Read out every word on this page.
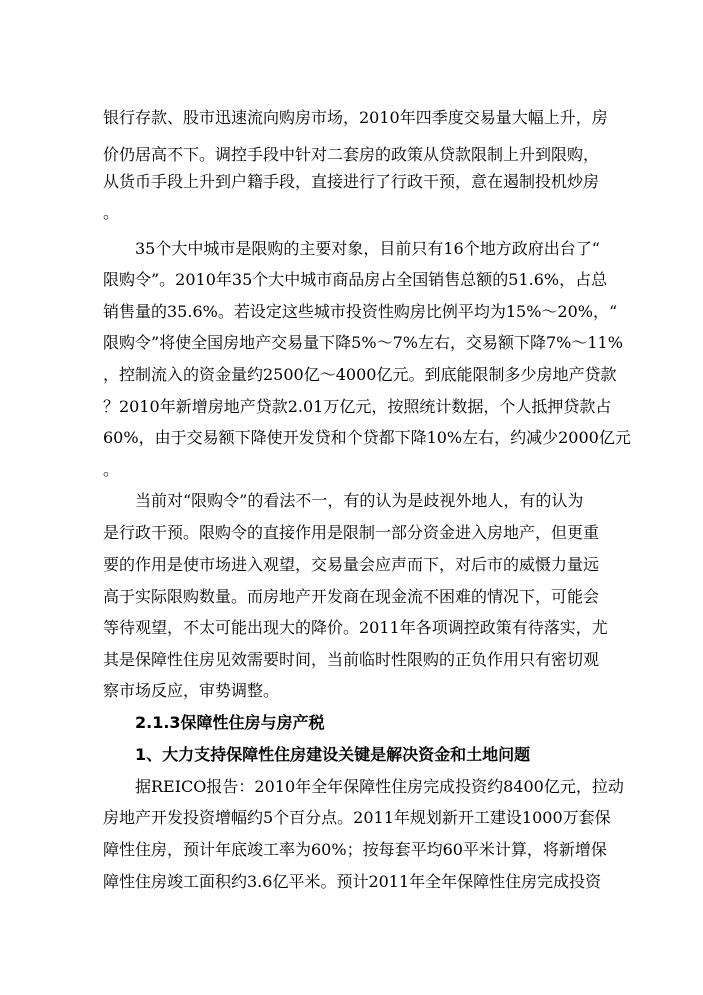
银行存款、股市迅速流向购房市场，2010年四季度交易量大幅上升，房
价仍居高不下。调控手段中针对二套房的政策从贷款限制上升到限购，
从货币手段上升到户籍手段，直接进行了行政干预，意在遏制投机炒房
。
35个大中城市是限购的主要对象，目前只有16个地方政府出台了“
限购令”。2010年35个大中城市商品房占全国销售总额的51.6%，占总
销售量的35.6%。若设定这些城市投资性购房比例平均为15%～20%，“
限购令”将使全国房地产交易量下降5%～7%左右，交易额下降7%～11%
，控制流入的资金量约2500亿～4000亿元。到底能限制多少房地产贷款
？2010年新增房地产贷款2.01万亿元，按照统计数据，个人抵押贷款占
60%，由于交易额下降使开发贷和个贷都下降10%左右，约减少2000亿元
。
当前对“限购令”的看法不一，有的认为是歧视外地人，有的认为
是行政干预。限购令的直接作用是限制一部分资金进入房地产，但更重
要的作用是使市场进入观望，交易量会应声而下，对后市的威慑力量远
高于实际限购数量。而房地产开发商在现金流不困难的情况下，可能会
等待观望，不太可能出现大的降价。2011年各项调控政策有待落实，尤
其是保障性住房见效需要时间，当前临时性限购的正负作用只有密切观
察市场反应，审势调整。
2.1.3保障性住房与房产税
1、大力支持保障性住房建设关键是解决资金和土地问题
据REICO报告：2010年全年保障性住房完成投资约8400亿元，拉动
房地产开发投资增幅约5个百分点。2011年规划新开工建设1000万套保
障性住房，预计年底竣工率为60%；按每套平均60平米计算，将新增保
障性住房竣工面积约3.6亿平米。预计2011年全年保障性住房完成投资
